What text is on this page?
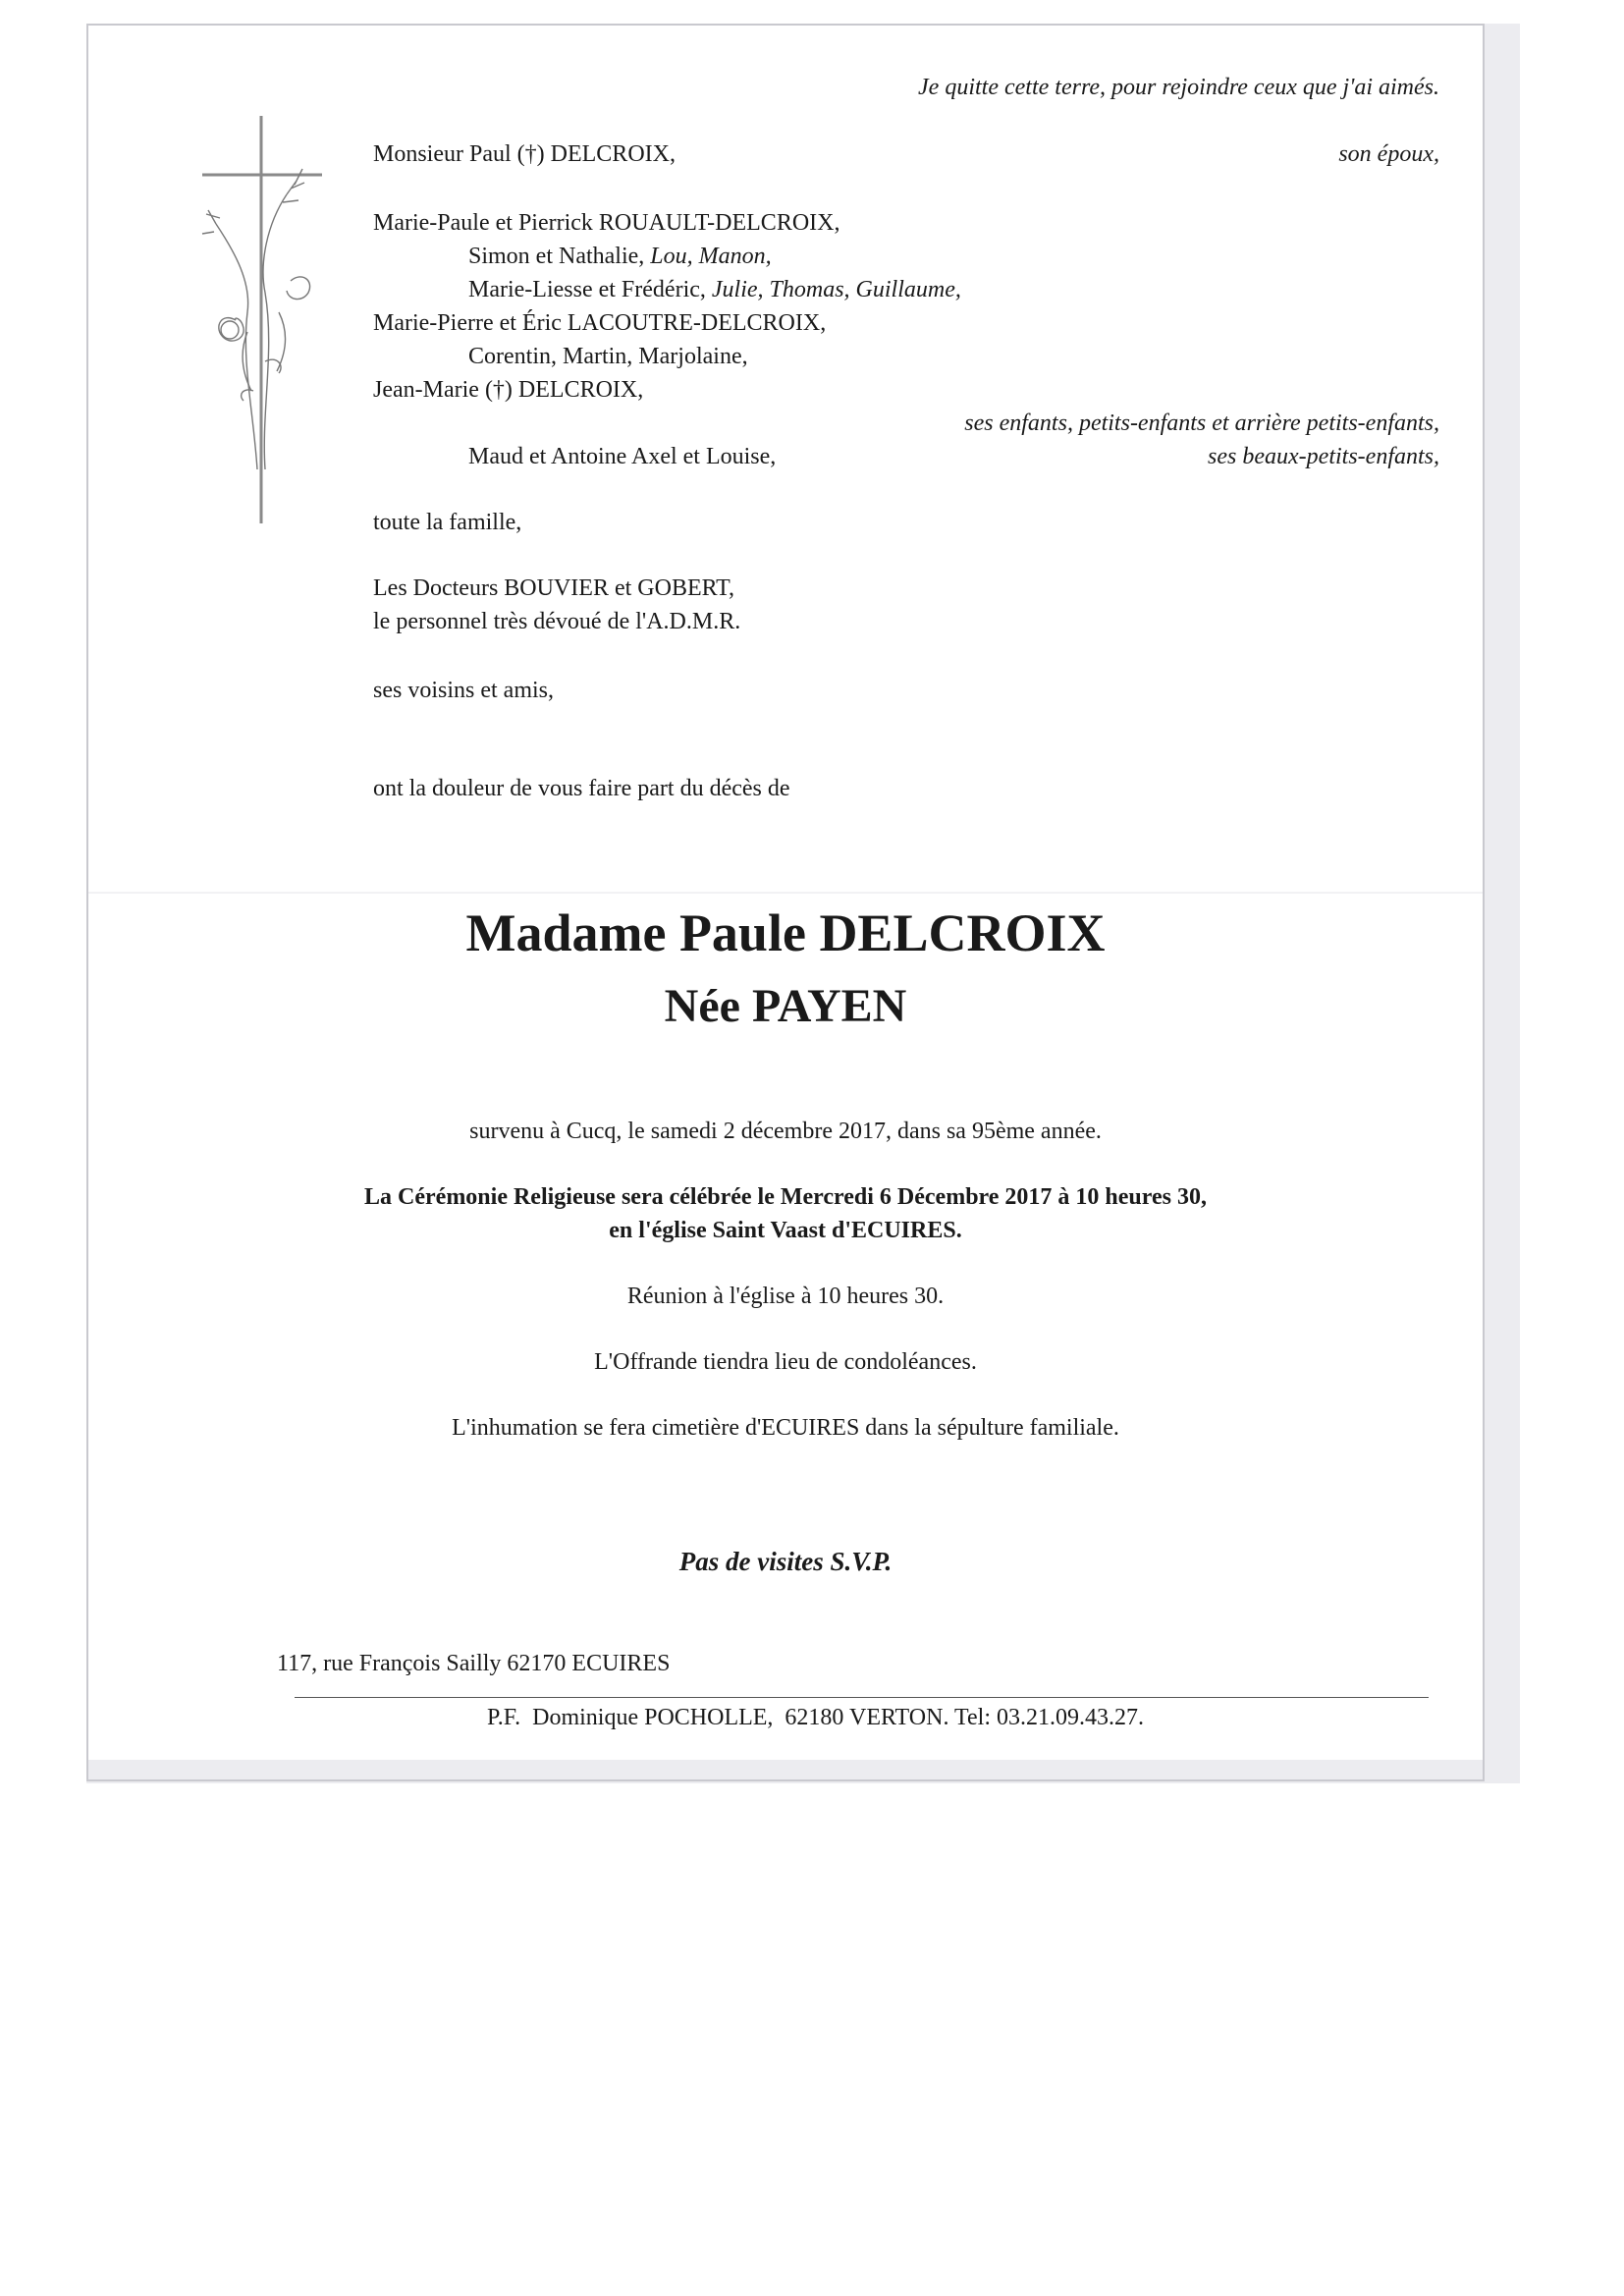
Je quitte cette terre, pour rejoindre ceux que j'ai aimés.
Monsieur Paul (†) DELCROIX,	son époux,
Marie-Paule et Pierrick ROUAULT-DELCROIX,
Simon et Nathalie, Lou, Manon,
Marie-Liesse et Frédéric, Julie, Thomas, Guillaume,
Marie-Pierre et Éric LACOUTRE-DELCROIX,
Corentin, Martin, Marjolaine,
Jean-Marie (†) DELCROIX,
ses enfants, petits-enfants et arrière petits-enfants,
Maud et Antoine Axel et Louise,	ses beaux-petits-enfants,
toute la famille,
Les Docteurs BOUVIER et GOBERT,
le personnel très dévoué de l'A.D.M.R.
ses voisins et amis,
ont la douleur de vous faire part du décès de
Madame Paule DELCROIX
Née PAYEN
survenu à Cucq, le samedi 2 décembre 2017, dans sa 95ème année.
La Cérémonie Religieuse sera célébrée le Mercredi 6 Décembre 2017 à 10 heures 30,
en l'église Saint Vaast d'ECUIRES.
Réunion à l'église à 10 heures 30.
L'Offrande tiendra lieu de condoléances.
L'inhumation se fera cimetière d'ECUIRES dans la sépulture familiale.
Pas de visites S.V.P.
117, rue François Sailly 62170 ECUIRES
P.F.  Dominique POCHOLLE,  62180 VERTON. Tel: 03.21.09.43.27.
